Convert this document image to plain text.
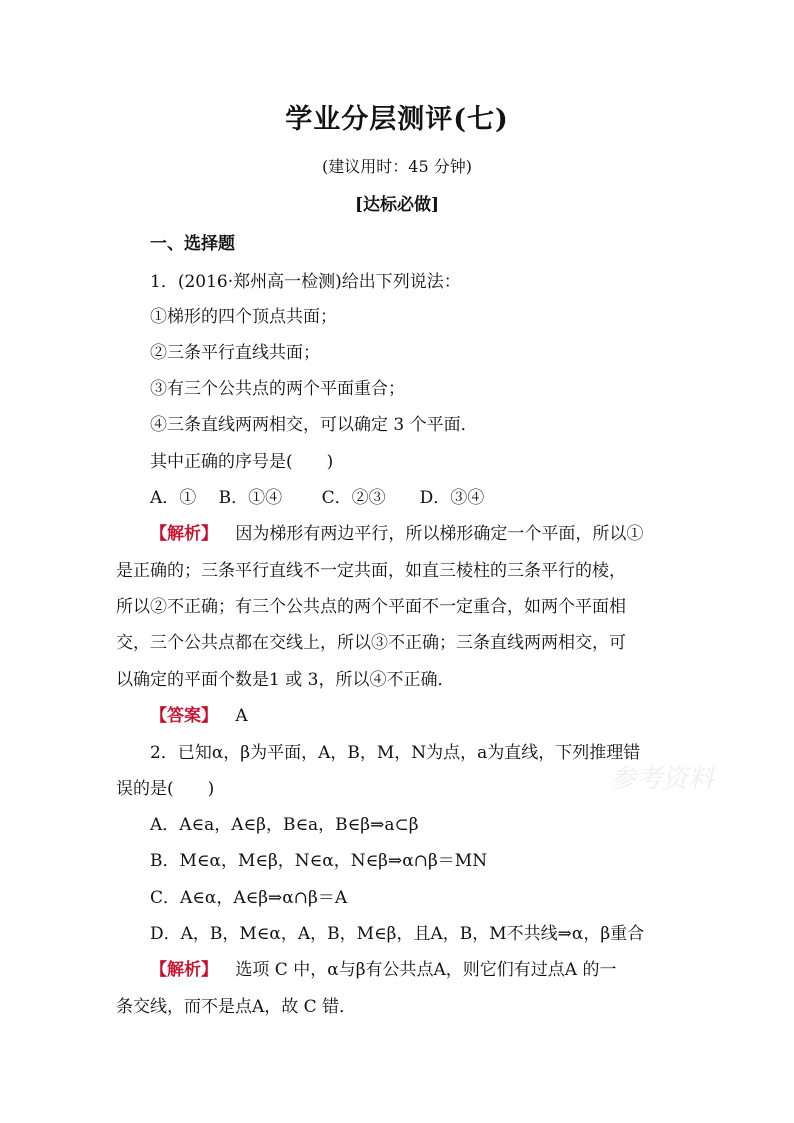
学业分层测评(七)
(建议用时：45 分钟)
[达标必做]
一、选择题
1．(2016·郑州高一检测)给出下列说法：
①梯形的四个顶点共面；
②三条平行直线共面；
③有三个公共点的两个平面重合；
④三条直线两两相交，可以确定 3 个平面．
其中正确的序号是(　　)
A．①　 B．①④　　 C．②③　　D．③④
【解析】 因为梯形有两边平行，所以梯形确定一个平面，所以①
是正确的；三条平行直线不一定共面，如直三棱柱的三条平行的棱，
所以②不正确；有三个公共点的两个平面不一定重合，如两个平面相
交，三个公共点都在交线上，所以③不正确；三条直线两两相交，可
以确定的平面个数是1 或 3，所以④不正确．
【答案】 A
2．已知α，β为平面，A，B，M，N为点，a为直线，下列推理错
误的是(　　)
A．A∈a，A∈β，B∈a，B∈β⇒a⊂β
B．M∈α，M∈β，N∈α，N∈β⇒α∩β＝MN
C．A∈α，A∈β⇒α∩β＝A
D．A，B，M∈α，A，B，M∈β，且A，B，M不共线⇒α，β重合
【解析】 选项 C 中，α与β有公共点A，则它们有过点A 的一
条交线，而不是点A，故 C 错．
参考资料
